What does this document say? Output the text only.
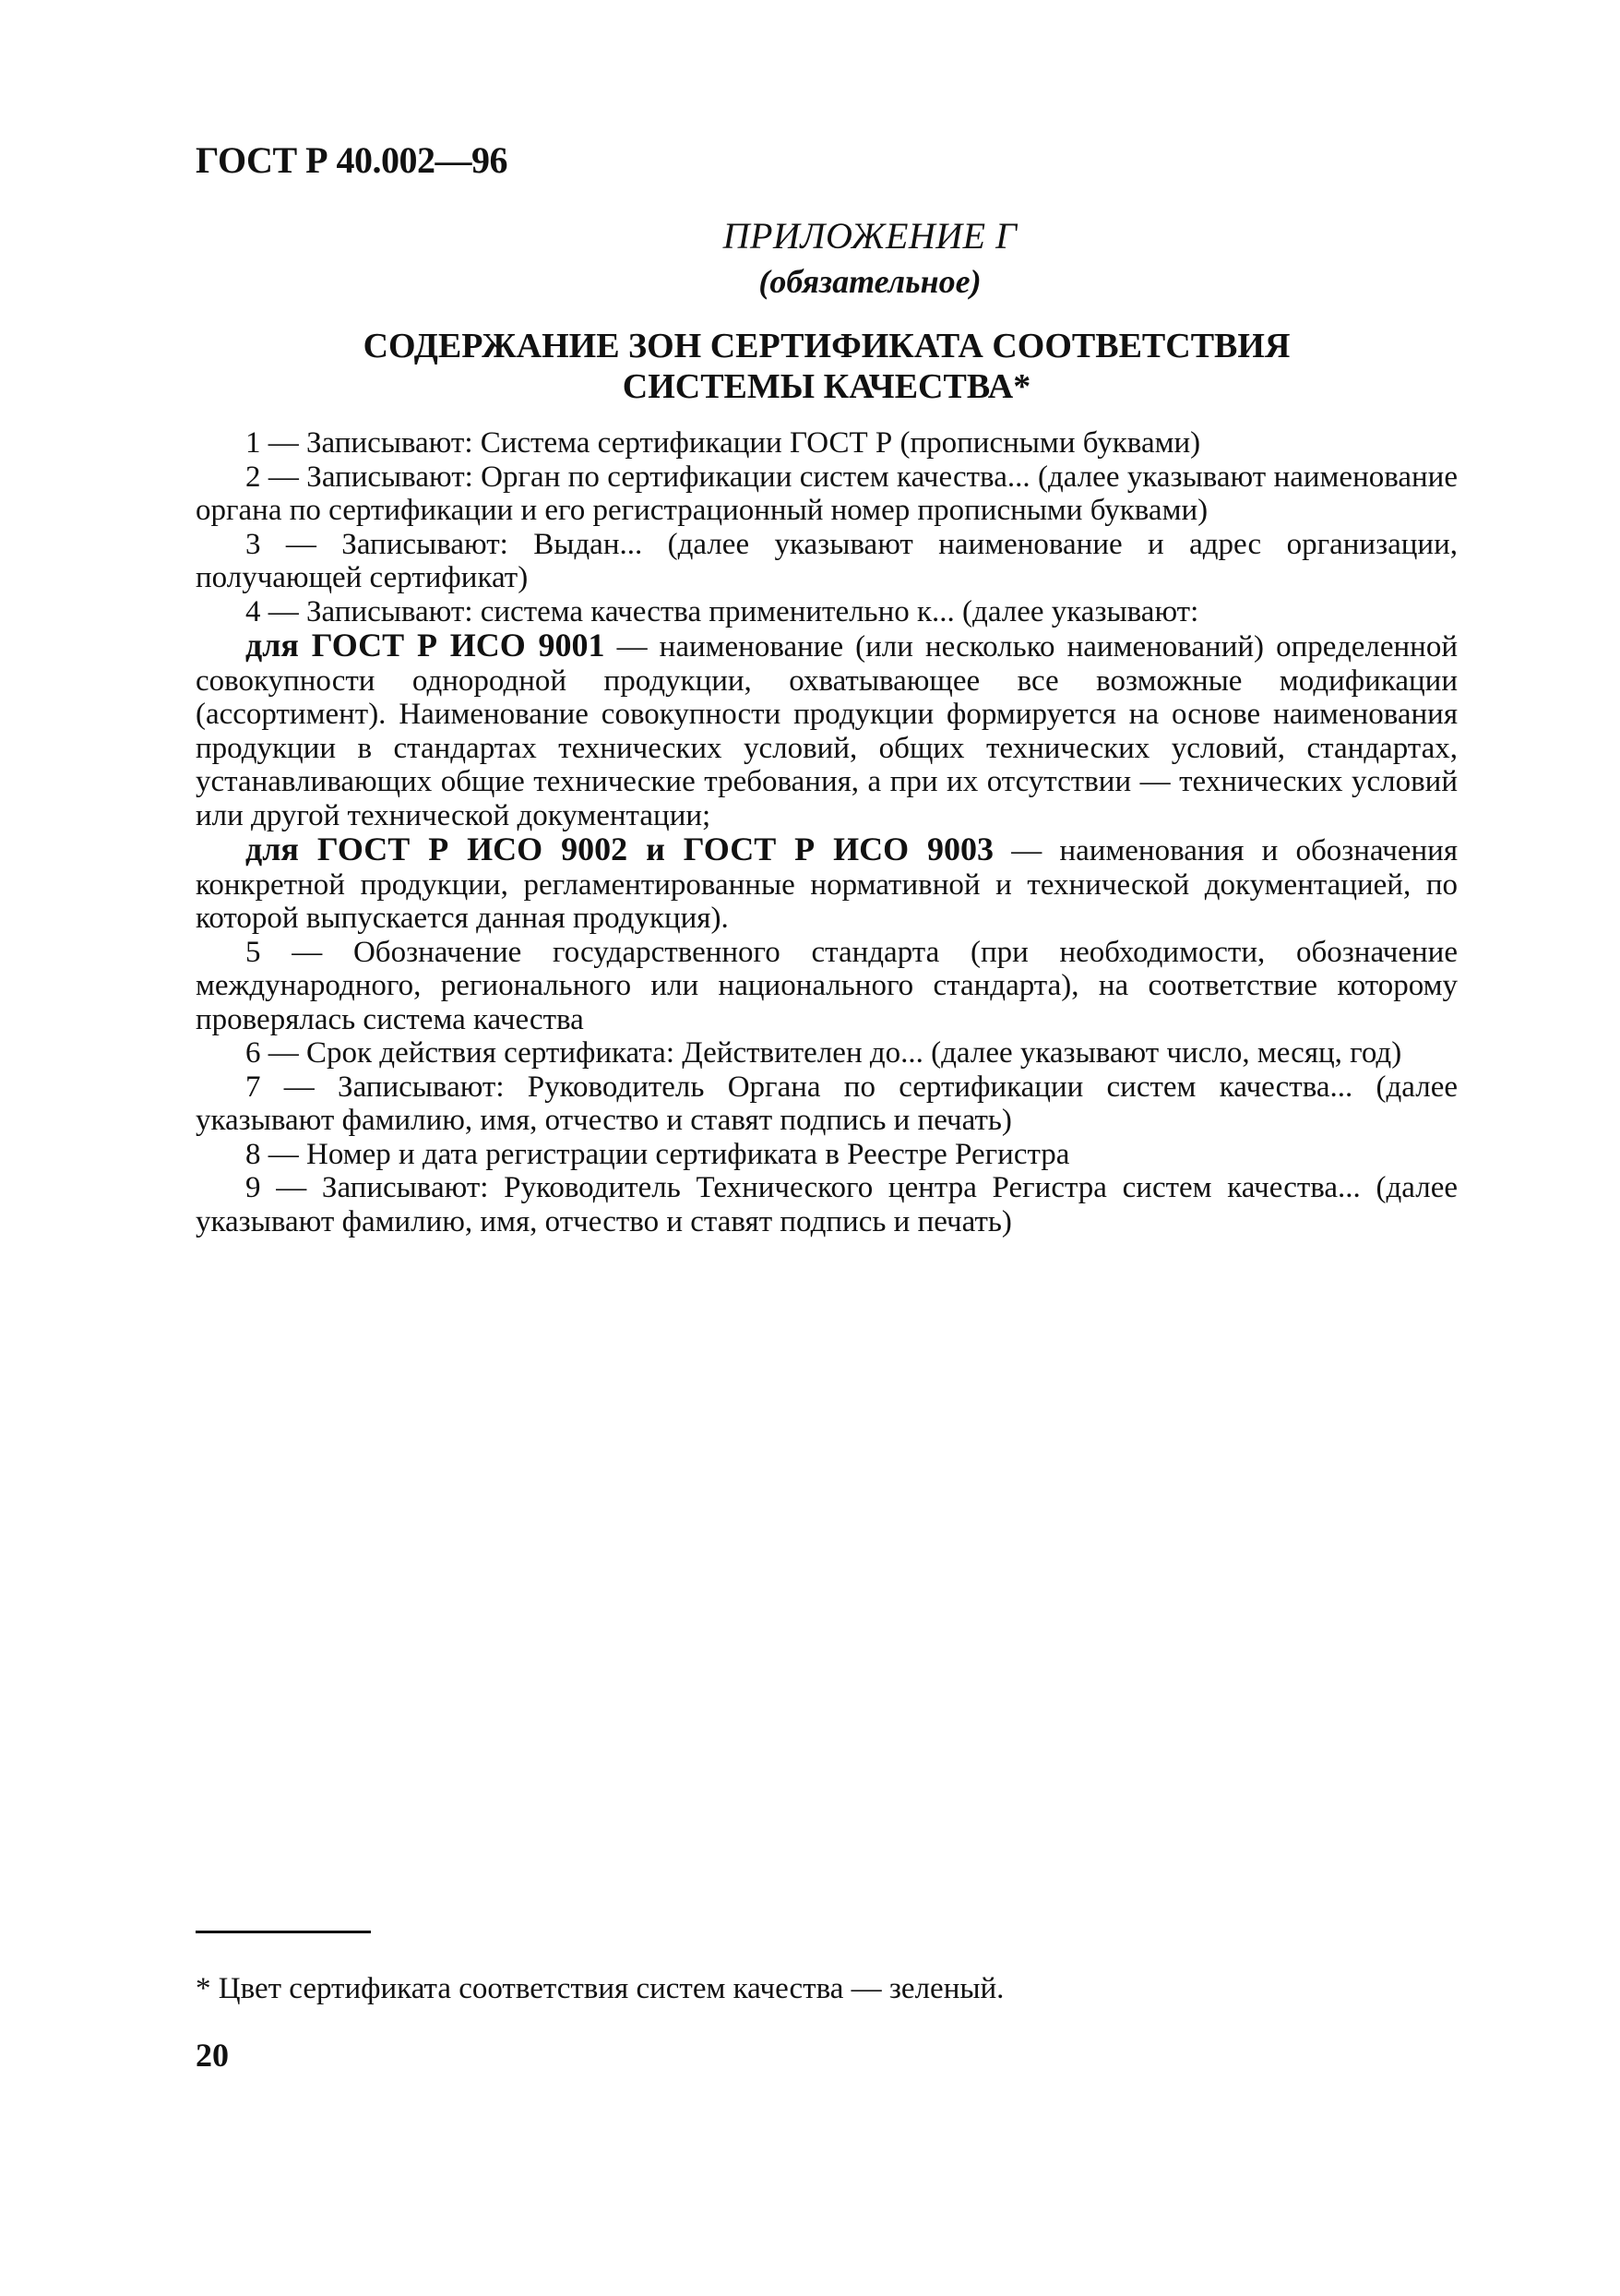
ГОСТ Р 40.002—96
ПРИЛОЖЕНИЕ Г
(обязательное)
СОДЕРЖАНИЕ ЗОН СЕРТИФИКАТА СООТВЕТСТВИЯ
СИСТЕМЫ КАЧЕСТВА*

1 — Записывают: Система сертификации ГОСТ Р (прописными буквами)

2 — Записывают: Орган по сертификации систем качества... (далее указывают наименование органа по сертификации и его регистрационный номер прописными буквами)

3 — Записывают: Выдан... (далее указывают наименование и адрес организации, получающей сертификат)

4 — Записывают: система качества применительно к... (далее указывают:

для ГОСТ Р ИСО 9001 — наименование (или несколько наименований) определенной совокупности однородной продукции, охватывающее все возможные модификации (ассортимент). Наименование совокупности продукции формируется на основе наименования продукции в стандартах технических условий, общих технических условий, стандартах, устанавливающих общие технические требования, а при их отсутствии — технических условий или другой технической документации;

для ГОСТ Р ИСО 9002 и ГОСТ Р ИСО 9003 — наименования и обозначения конкретной продукции, регламентированные нормативной и технической документацией, по которой выпускается данная продукция).

5 — Обозначение государственного стандарта (при необходимости, обозначение международного, регионального или национального стандарта), на соответствие которому проверялась система качества

6 — Срок действия сертификата: Действителен до... (далее указывают число, месяц, год)

7 — Записывают: Руководитель Органа по сертификации систем качества... (далее указывают фамилию, имя, отчество и ставят подпись и печать)

8 — Номер и дата регистрации сертификата в Реестре Регистра

9 — Записывают: Руководитель Технического центра Регистра систем качества... (далее указывают фамилию, имя, отчество и ставят подпись и печать)

* Цвет сертификата соответствия систем качества — зеленый.
20
